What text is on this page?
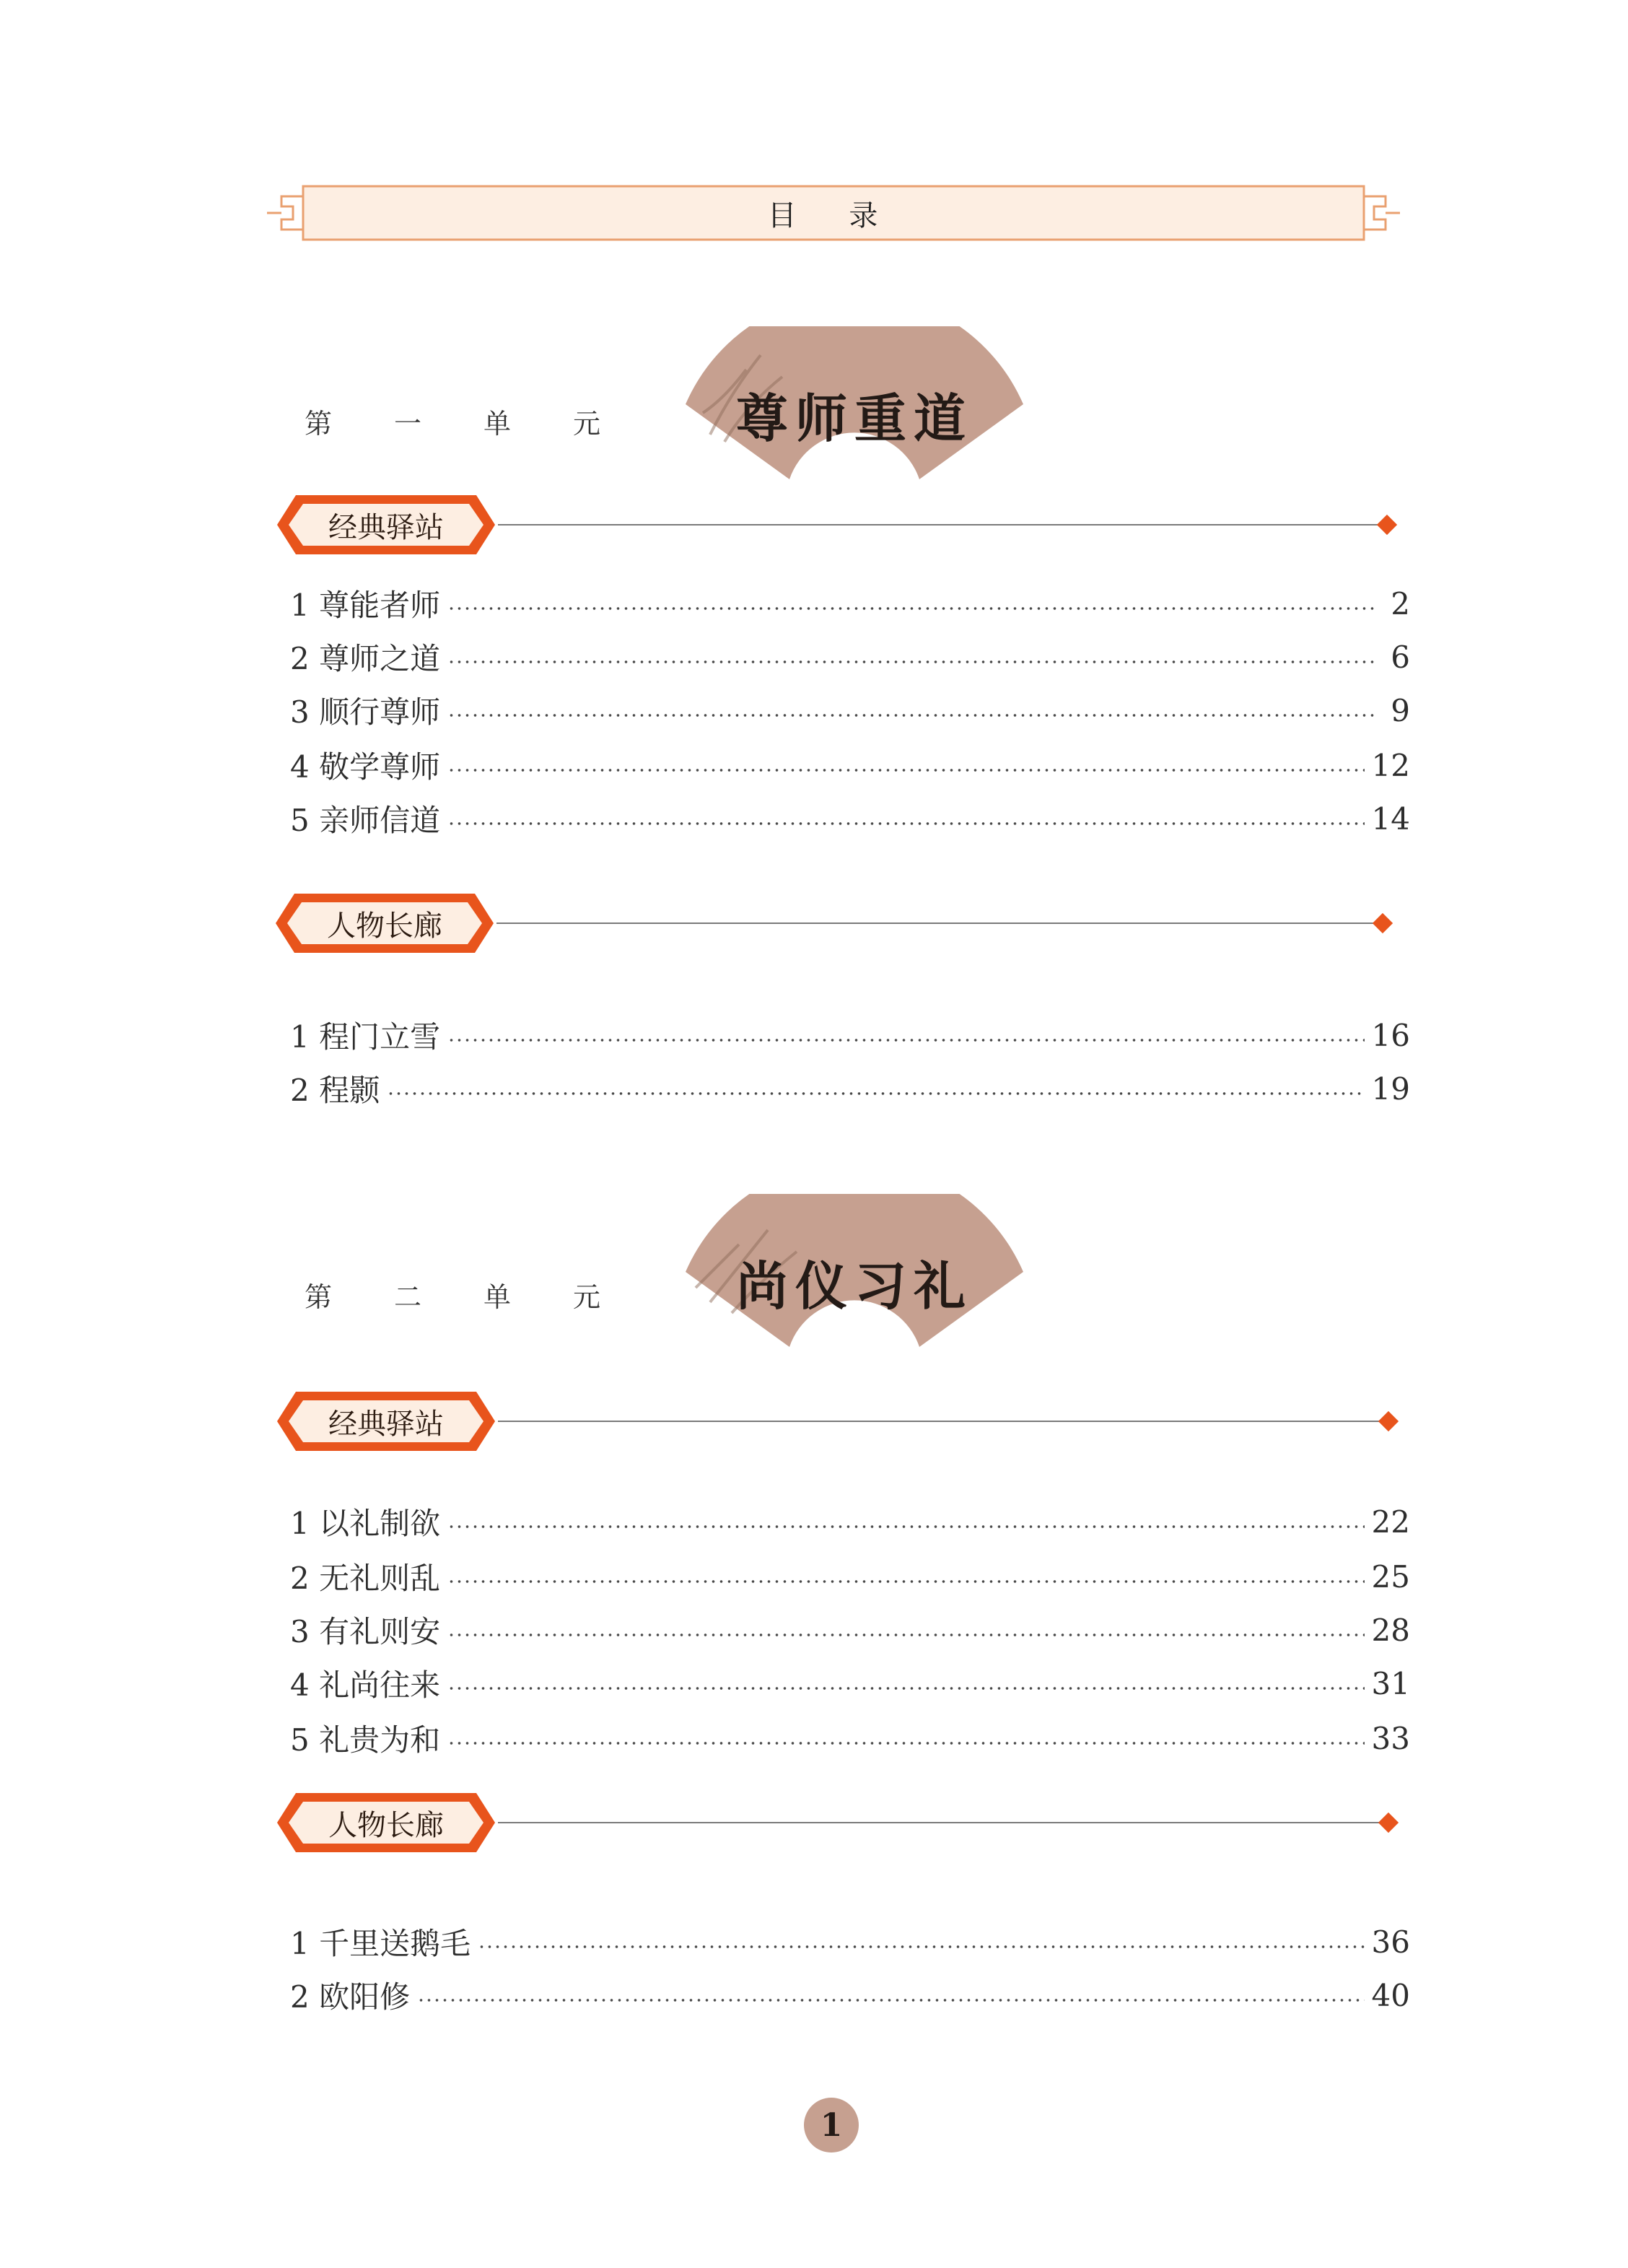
目 录
第	一	单	元	尊师重道
经典驿站
1 尊能者师	2
2 尊师之道	6
3 顺行尊师	9
4 敬学尊师	12
5 亲师信道	14
人物长廊
1 程门立雪	16
2 程颢	19
第	二	单	元	尚仪习礼
经典驿站
1 以礼制欲	22
2 无礼则乱	25
3 有礼则安	28
4 礼尚往来	31
5 礼贵为和	33
人物长廊
1 千里送鹅毛	36
2 欧阳修	40
1
